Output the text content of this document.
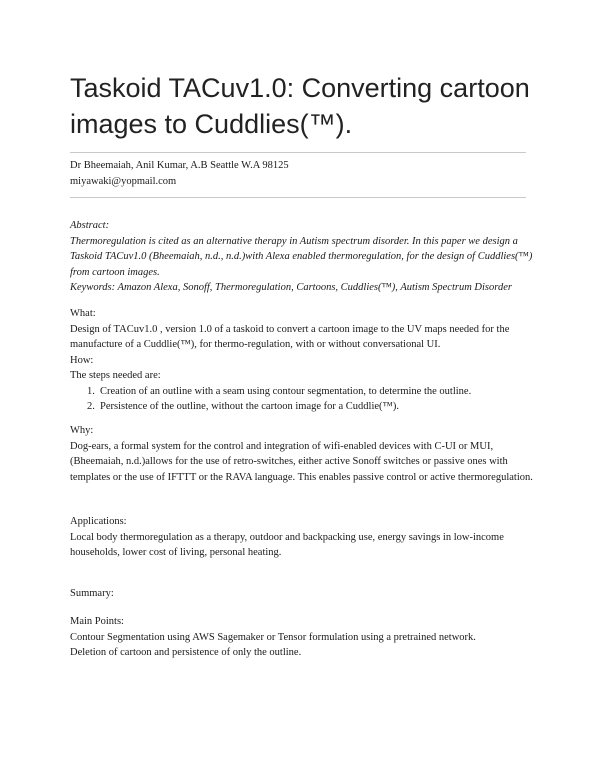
Taskoid TACuv1.0: Converting cartoon images to Cuddlies(™).

Dr Bheemaiah, Anil Kumar, A.B Seattle W.A 98125

miyawaki@yopmail.com

Abstract:

Thermoregulation is cited as an alternative therapy in Autism spectrum disorder. In this paper we design a Taskoid TACuv1.0 (Bheemaiah, n.d., n.d.)with Alexa enabled thermoregulation, for the design of Cuddlies(™) from cartoon images.

Keywords: Amazon Alexa, Sonoff, Thermoregulation, Cartoons, Cuddlies(™), Autism Spectrum Disorder

What:

Design of TACuv1.0 , version 1.0 of a taskoid to convert a cartoon image to the UV maps needed for the manufacture of a Cuddlie(™), for thermo-regulation, with or without conversational UI.

How:

The steps needed are:

1. Creation of an outline with a seam using contour segmentation, to determine the outline.
2. Persistence of the outline, without the cartoon image for a Cuddlie(™).

Why:

Dog-ears, a formal system for the control and integration of wifi-enabled devices with C-UI or MUI, (Bheemaiah, n.d.)allows for the use of retro-switches, either active Sonoff switches or passive ones with templates or the use of IFTTT or the RAVA language. This enables passive control or active thermoregulation.

Applications:

Local body thermoregulation as a therapy, outdoor and backpacking use, energy savings in low-income households, lower cost of living, personal heating.

Summary:

Main Points:

Contour Segmentation using AWS Sagemaker or Tensor formulation using a pretrained network.

Deletion of cartoon and persistence of only the outline.
